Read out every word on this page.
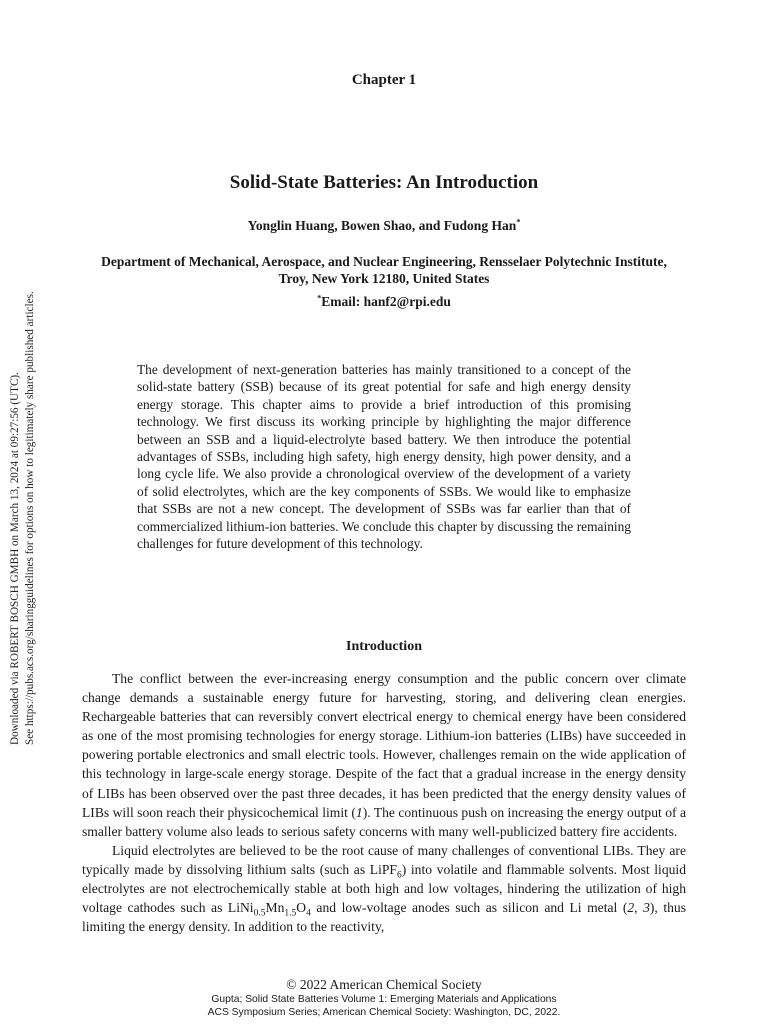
Downloaded via ROBERT BOSCH GMBH on March 13, 2024 at 09:27:56 (UTC). See https://pubs.acs.org/sharingguidelines for options on how to legitimately share published articles.
Chapter 1
Solid-State Batteries: An Introduction
Yonglin Huang, Bowen Shao, and Fudong Han*
Department of Mechanical, Aerospace, and Nuclear Engineering, Rensselaer Polytechnic Institute, Troy, New York 12180, United States
*Email: hanf2@rpi.edu
The development of next-generation batteries has mainly transitioned to a concept of the solid-state battery (SSB) because of its great potential for safe and high energy density energy storage. This chapter aims to provide a brief introduction of this promising technology. We first discuss its working principle by highlighting the major difference between an SSB and a liquid-electrolyte based battery. We then introduce the potential advantages of SSBs, including high safety, high energy density, high power density, and a long cycle life. We also provide a chronological overview of the development of a variety of solid electrolytes, which are the key components of SSBs. We would like to emphasize that SSBs are not a new concept. The development of SSBs was far earlier than that of commercialized lithium-ion batteries. We conclude this chapter by discussing the remaining challenges for future development of this technology.
Introduction

The conflict between the ever-increasing energy consumption and the public concern over climate change demands a sustainable energy future for harvesting, storing, and delivering clean energies. Rechargeable batteries that can reversibly convert electrical energy to chemical energy have been considered as one of the most promising technologies for energy storage. Lithium-ion batteries (LIBs) have succeeded in powering portable electronics and small electric tools. However, challenges remain on the wide application of this technology in large-scale energy storage. Despite of the fact that a gradual increase in the energy density of LIBs has been observed over the past three decades, it has been predicted that the energy density values of LIBs will soon reach their physicochemical limit (1). The continuous push on increasing the energy output of a smaller battery volume also leads to serious safety concerns with many well-publicized battery fire accidents.

Liquid electrolytes are believed to be the root cause of many challenges of conventional LIBs. They are typically made by dissolving lithium salts (such as LiPF$_6$) into volatile and flammable solvents. Most liquid electrolytes are not electrochemically stable at both high and low voltages, hindering the utilization of high voltage cathodes such as $LiNi_{0.5}Mn_{1.5}O_4$ and low-voltage anodes such as silicon and Li metal (2, 3), thus limiting the energy density. In addition to the reactivity,

© 2022 American Chemical Society
Gupta; Solid State Batteries Volume 1: Emerging Materials and Applications
ACS Symposium Series; American Chemical Society: Washington, DC, 2022.
